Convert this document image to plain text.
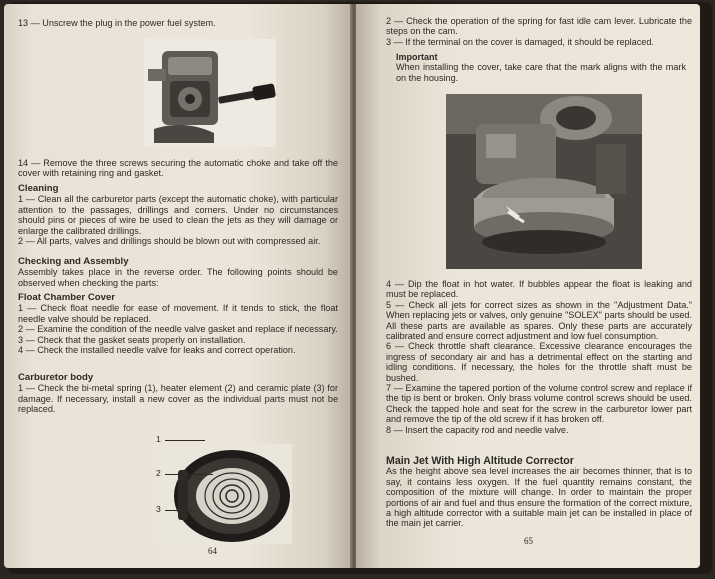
13 — Unscrew the plug in the power fuel system.

14 — Remove the three screws securing the automatic choke and take off the cover with retaining ring and gasket.

Cleaning

1 — Clean all the carburetor parts (except the automatic choke), with particular attention to the passages, drillings and corners. Under no circumstances should pins or pieces of wire be used to clean the jets as they will damage or enlarge the calibrated drillings.

2 — All parts, valves and drillings should be blown out with compressed air.

Checking and Assembly

Assembly takes place in the reverse order. The following points should be observed when checking the parts:

Float Chamber Cover

1 — Check float needle for ease of movement. If it tends to stick, the float needle valve should be replaced.

2 — Examine the condition of the needle valve gasket and replace if necessary.

3 — Check that the gasket seats properly on installation.

4 — Check the installed needle valve for leaks and correct operation.

Carburetor body

1 — Check the bi-metal spring (1), heater element (2) and ceramic plate (3) for damage. If necessary, install a new cover as the individual parts must not be replaced.

1
2
3
64

2 — Check the operation of the spring for fast idle cam lever. Lubricate the steps on the cam.

3 — If the terminal on the cover is damaged, it should be replaced.

Important

When installing the cover, take care that the mark aligns with the mark on the housing.

4 — Dip the float in hot water. If bubbles appear the float is leaking and must be replaced.

5 — Check all jets for correct sizes as shown in the "Adjustment Data." When replacing jets or valves, only genuine "SOLEX" parts should be used. All these parts are available as spares. Only these parts are accurately calibrated and ensure correct adjustment and low fuel consumption.

6 — Check throttle shaft clearance. Excessive clearance encourages the ingress of secondary air and has a detrimental effect on the starting and idling conditions. If necessary, the holes for the throttle shaft must be bushed.

7 — Examine the tapered portion of the volume control screw and replace if the tip is bent or broken. Only brass volume control screws should be used. Check the tapped hole and seat for the screw in the carburetor lower part and remove the tip of the old screw if it has broken off.

8 — Insert the capacity rod and needle valve.

Main Jet With High Altitude Corrector

As the height above sea level increases the air becomes thinner, that is to say, it contains less oxygen. If the fuel quantity remains constant, the composition of the mixture will change. In order to maintain the proper portions of air and fuel and thus ensure the formation of the correct mixture, a high altitude corrector with a suitable main jet can be installed in place of the main jet carrier.

65
